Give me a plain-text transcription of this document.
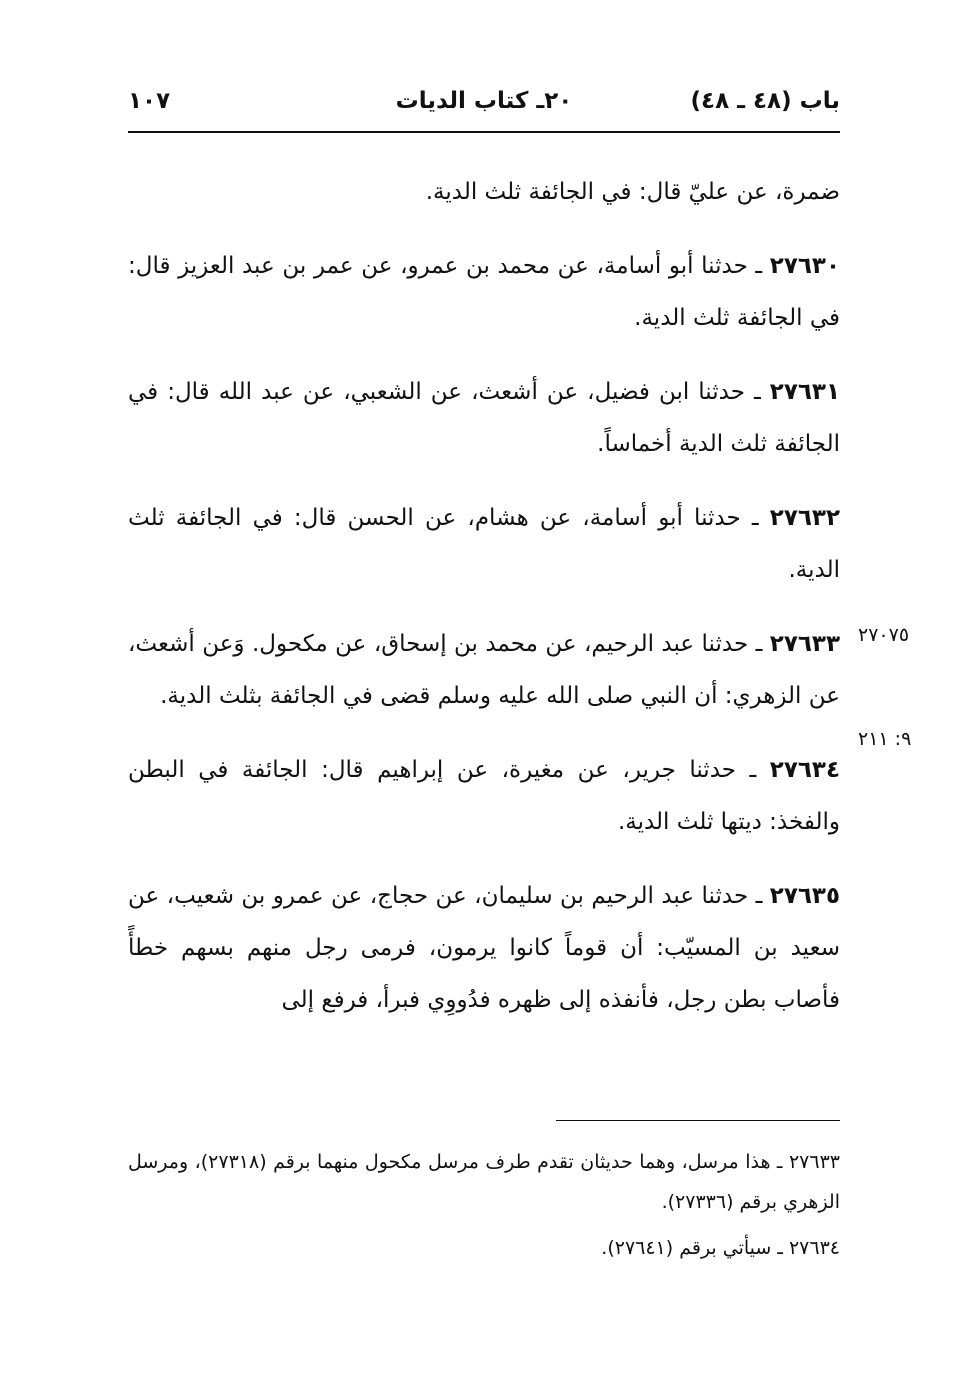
باب (٤٨ ـ ٤٨)
٢٠ـ كتاب الديات
١٠٧

ضمرة، عن عليّ قال: في الجائفة ثلث الدية.

٢٧٦٣٠ ـ حدثنا أبو أسامة، عن محمد بن عمرو، عن عمر بن عبد العزيز قال: في الجائفة ثلث الدية.

٢٧٦٣١ ـ حدثنا ابن فضيل، عن أشعث، عن الشعبي، عن عبد الله قال: في الجائفة ثلث الدية أخماساً.

٢٧٦٣٢ ـ حدثنا أبو أسامة، عن هشام، عن الحسن قال: في الجائفة ثلث الدية.

٢٧٦٣٣ ـ حدثنا عبد الرحيم، عن محمد بن إسحاق، عن مكحول. وَعن أشعث، عن الزهري: أن النبي صلى الله عليه وسلم قضى في الجائفة بثلث الدية.

٢٧٦٣٤ ـ حدثنا جرير، عن مغيرة، عن إبراهيم قال: الجائفة في البطن والفخذ: ديتها ثلث الدية.

٢٧٦٣٥ ـ حدثنا عبد الرحيم بن سليمان، عن حجاج، عن عمرو بن شعيب، عن سعيد بن المسيّب: أن قوماً كانوا يرمون، فرمى رجل منهم بسهم خطأً فأصاب بطن رجل، فأنفذه إلى ظهره فدُووِي فبرأ، فرفع إلى

٢٧٠٧٥
٩: ٢١١

٢٧٦٣٣ ـ هذا مرسل، وهما حديثان تقدم طرف مرسل مكحول منهما برقم (٢٧٣١٨)، ومرسل الزهري برقم (٢٧٣٣٦).

٢٧٦٣٤ ـ سيأتي برقم (٢٧٦٤١).
